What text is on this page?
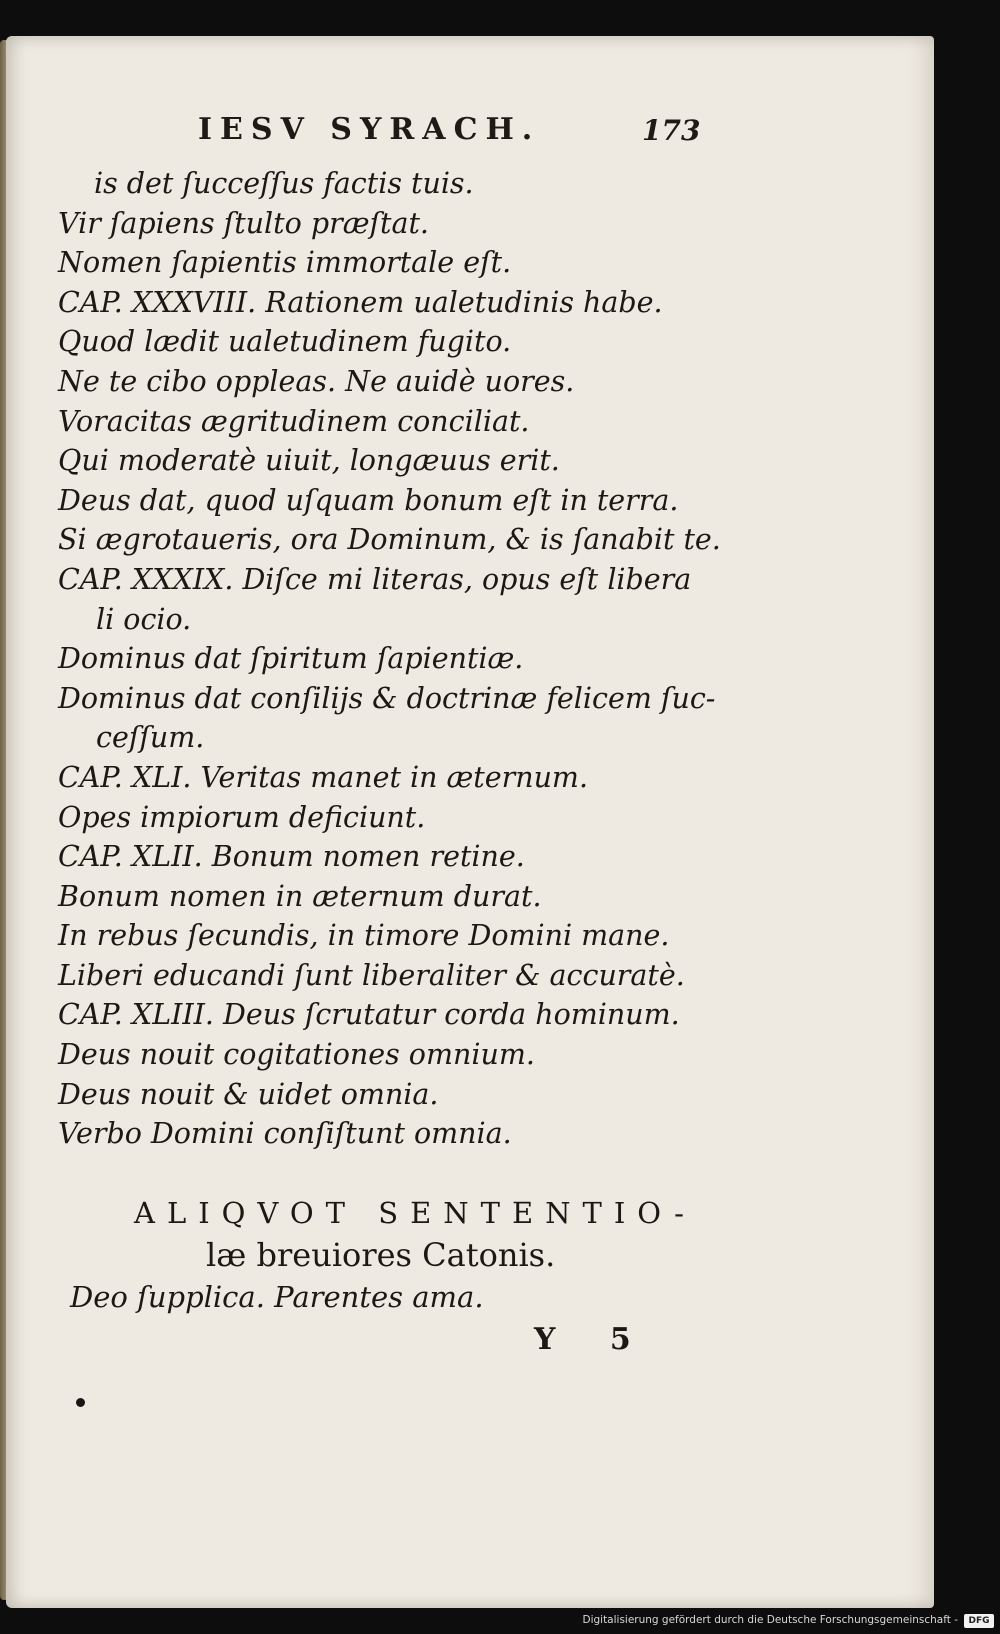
IESV SYRACH.	173
is det ſucceſſus factis tuis.
Vir ſapiens ſtulto præſtat.
Nomen ſapientis immortale eſt.
CAP. XXXVIII. Rationem ualetudinis habe.
Quod lædit ualetudinem fugito.
Ne te cibo oppleas. Ne auidè uores.
Voracitas ægritudinem conciliat.
Qui moderatè uiuit, longæuus erit.
Deus dat, quod uſquam bonum eſt in terra.
Si ægrotaueris, ora Dominum, & is ſanabit te.
CAP. XXXIX. Diſce mi literas, opus eſt libera
li ocio.
Dominus dat ſpiritum ſapientiæ.
Dominus dat conſilijs & doctrinæ felicem ſuc-
ceſſum.
CAP. XLI. Veritas manet in æternum.
Opes impiorum deficiunt.
CAP. XLII. Bonum nomen retine.
Bonum nomen in æternum durat.
In rebus ſecundis, in timore Domini mane.
Liberi educandi ſunt liberaliter & accuratè.
CAP. XLIII. Deus ſcrutatur corda hominum.
Deus nouit cogitationes omnium.
Deus nouit & uidet omnia.
Verbo Domini conſiſtunt omnia.
ALIQVOT SENTENTIO-
læ breuiores Catonis.
Deo ſupplica. Parentes ama.
Y 5
Digitalisierung gefördert durch die Deutsche Forschungsgemeinschaft -	DFG
